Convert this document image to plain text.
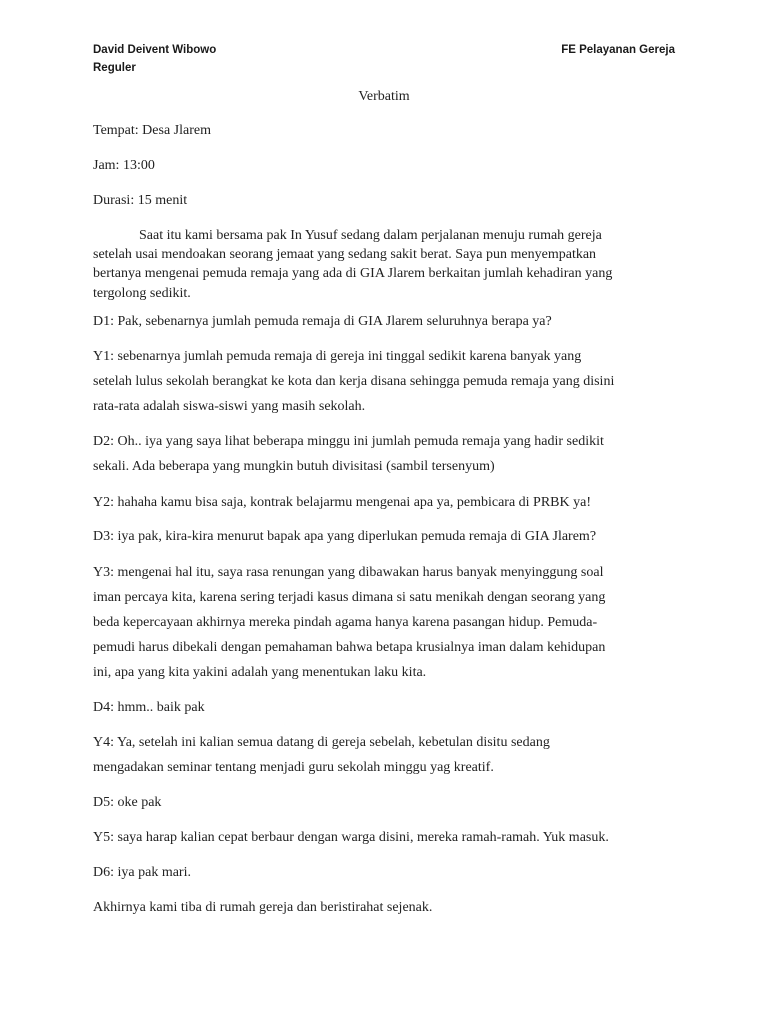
David Deivent Wibowo	FE Pelayanan Gereja
Reguler
Verbatim
Tempat: Desa Jlarem
Jam: 13:00
Durasi: 15 menit
Saat itu kami bersama pak In Yusuf sedang dalam perjalanan menuju rumah gereja
setelah usai mendoakan seorang jemaat yang sedang sakit berat. Saya pun menyempatkan
bertanya mengenai pemuda remaja yang ada di GIA Jlarem berkaitan jumlah kehadiran yang
tergolong sedikit.
D1: Pak, sebenarnya jumlah pemuda remaja di GIA Jlarem seluruhnya berapa ya?
Y1: sebenarnya jumlah pemuda remaja di gereja ini tinggal sedikit karena banyak yang
setelah lulus sekolah berangkat ke kota dan kerja disana sehingga pemuda remaja yang disini
rata-rata adalah siswa-siswi yang masih sekolah.
D2: Oh.. iya yang saya lihat beberapa minggu ini jumlah pemuda remaja yang hadir sedikit
sekali. Ada beberapa yang mungkin butuh divisitasi (sambil tersenyum)
Y2: hahaha kamu bisa saja, kontrak belajarmu mengenai apa ya, pembicara di PRBK ya!
D3: iya pak, kira-kira menurut bapak apa yang diperlukan pemuda remaja di GIA Jlarem?
Y3: mengenai hal itu, saya rasa renungan yang dibawakan harus banyak menyinggung soal
iman percaya kita, karena sering terjadi kasus dimana si satu menikah dengan seorang yang
beda kepercayaan akhirnya mereka pindah agama hanya karena pasangan hidup. Pemuda-
pemudi harus dibekali dengan pemahaman bahwa betapa krusialnya iman dalam kehidupan
ini, apa yang kita yakini adalah yang menentukan laku kita.
D4: hmm.. baik pak
Y4: Ya, setelah ini kalian semua datang di gereja sebelah, kebetulan disitu sedang
mengadakan seminar tentang menjadi guru sekolah minggu yag kreatif.
D5: oke pak
Y5: saya harap kalian cepat berbaur dengan warga disini, mereka ramah-ramah. Yuk masuk.
D6: iya pak mari.
Akhirnya kami tiba di rumah gereja dan beristirahat sejenak.
